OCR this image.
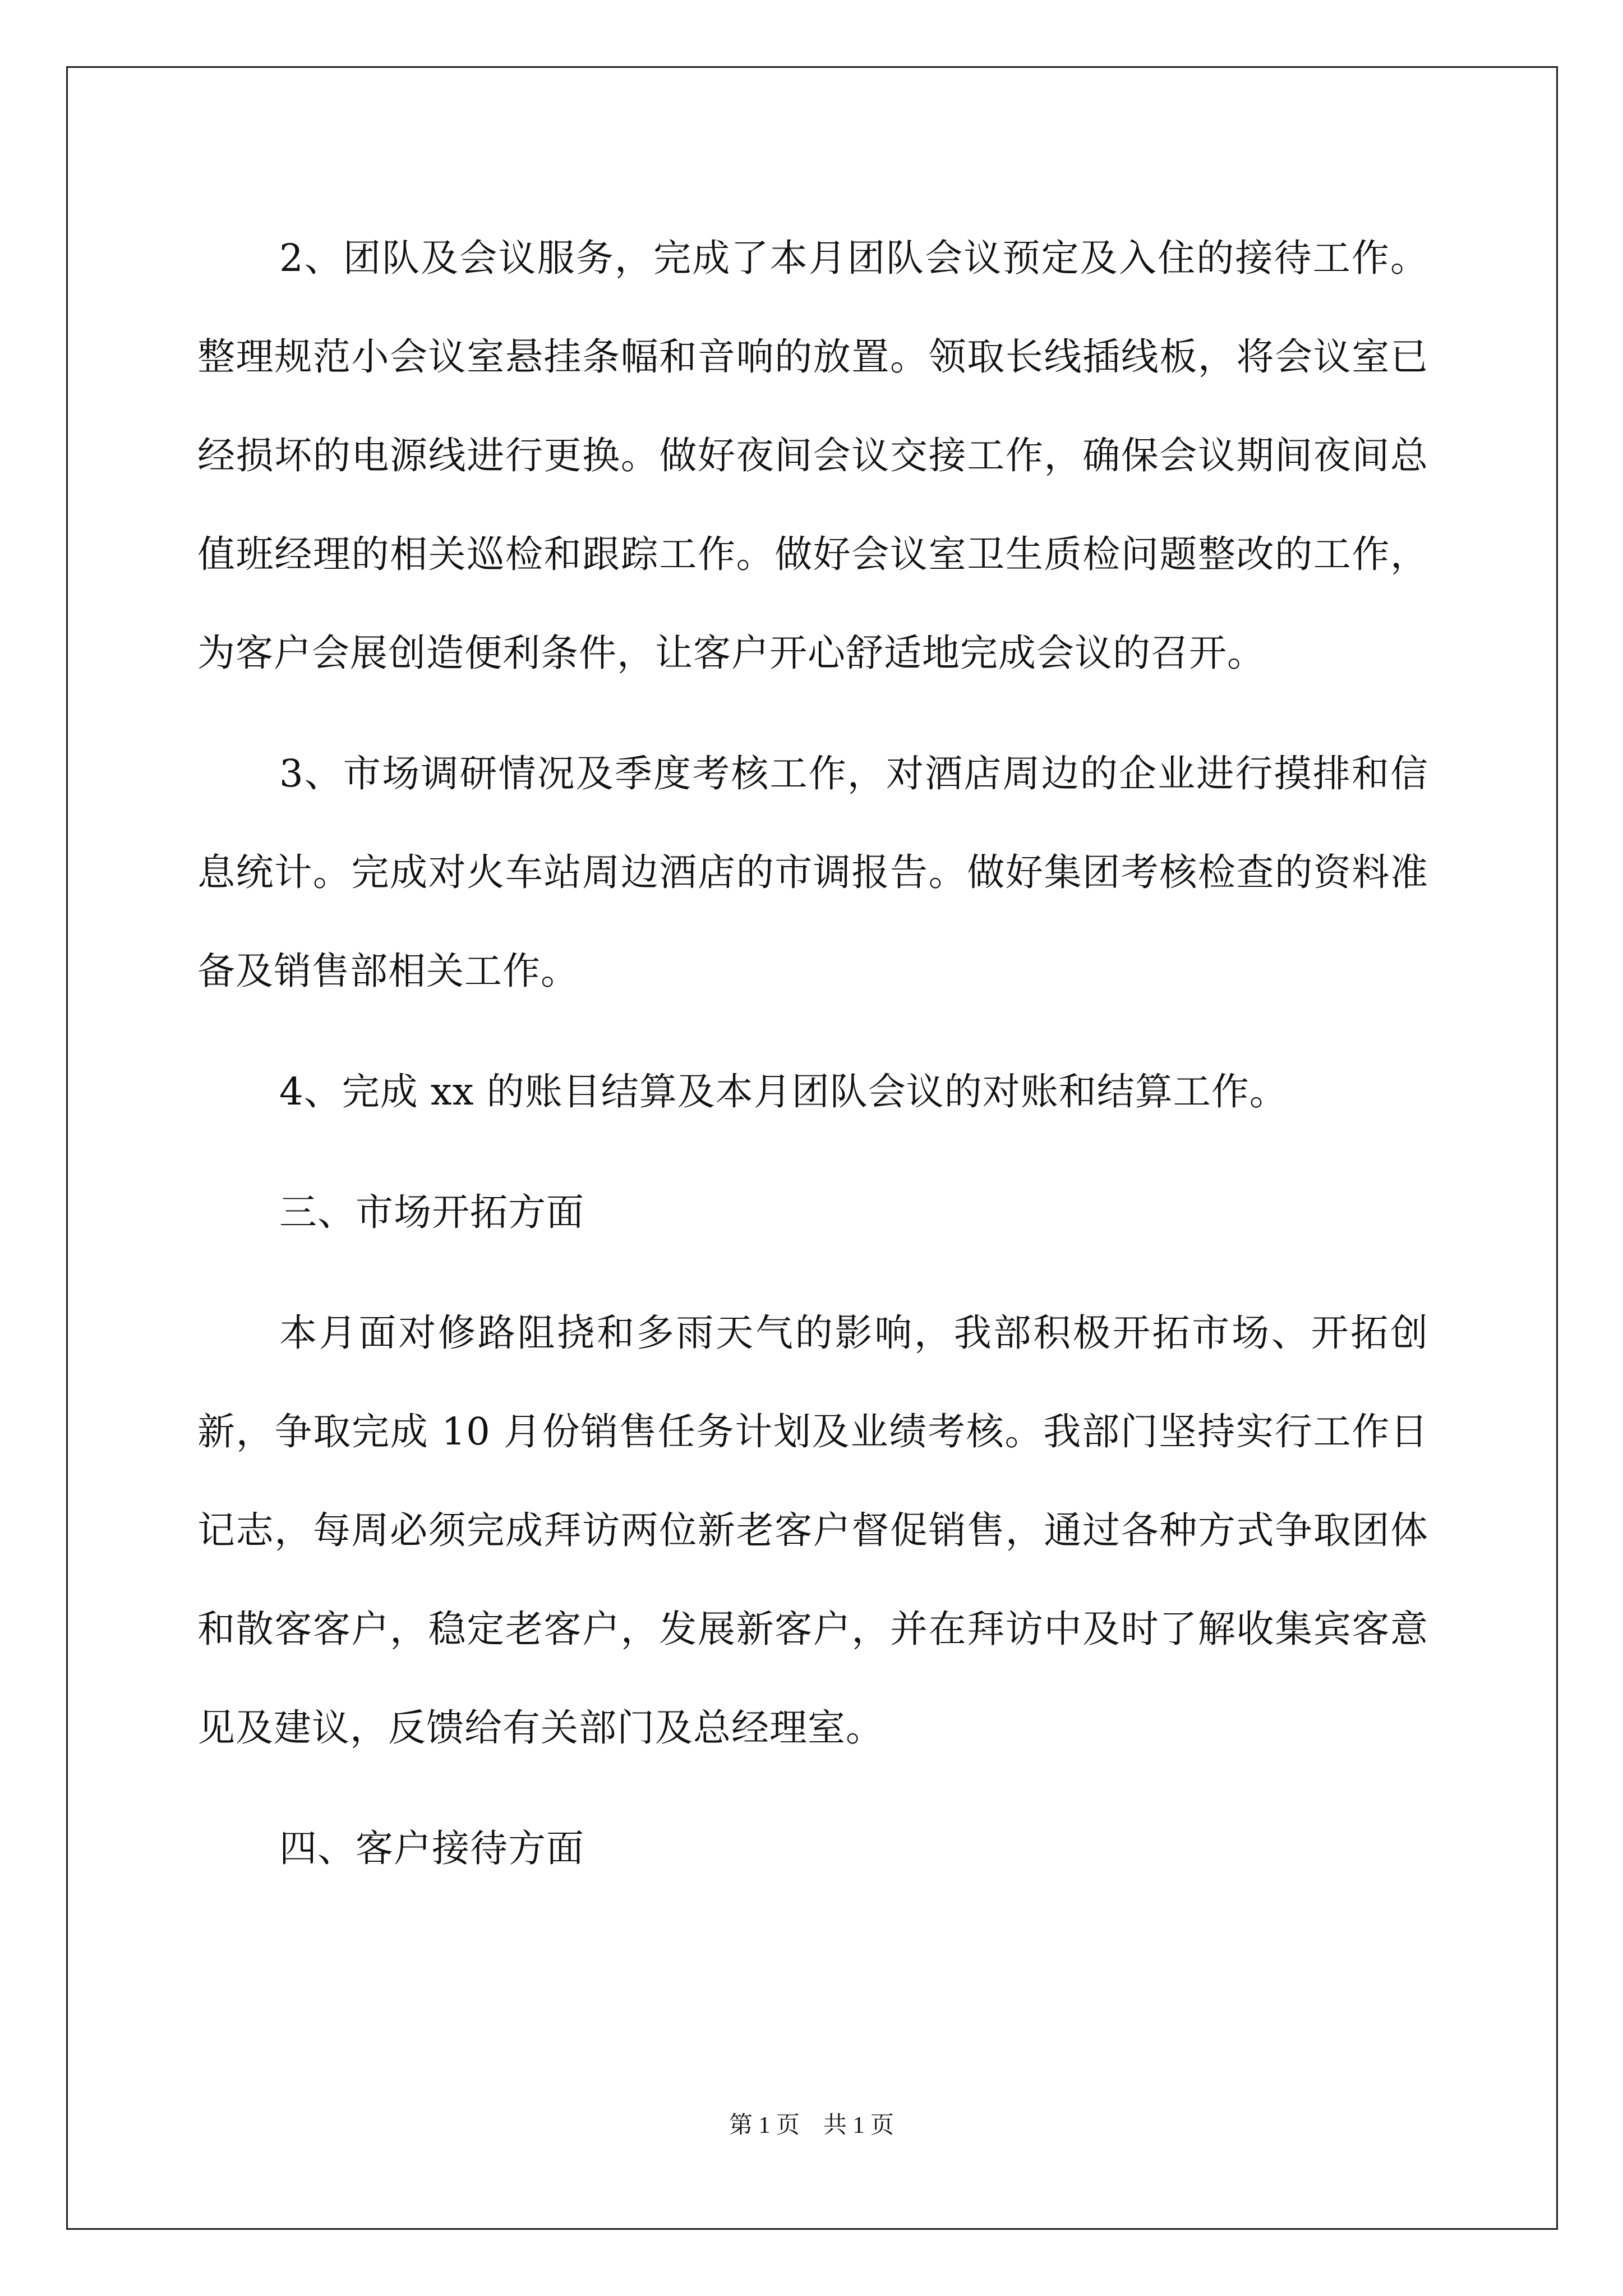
2、团队及会议服务，完成了本月团队会议预定及入住的接待工作。整理规范小会议室悬挂条幅和音响的放置。领取长线插线板，将会议室已经损坏的电源线进行更换。做好夜间会议交接工作，确保会议期间夜间总值班经理的相关巡检和跟踪工作。做好会议室卫生质检问题整改的工作，为客户会展创造便利条件，让客户开心舒适地完成会议的召开。

3、市场调研情况及季度考核工作，对酒店周边的企业进行摸排和信息统计。完成对火车站周边酒店的市调报告。做好集团考核检查的资料准备及销售部相关工作。

4、完成 xx 的账目结算及本月团队会议的对账和结算工作。

三、市场开拓方面

本月面对修路阻挠和多雨天气的影响，我部积极开拓市场、开拓创新，争取完成 10 月份销售任务计划及业绩考核。我部门坚持实行工作日记志，每周必须完成拜访两位新老客户督促销售，通过各种方式争取团体和散客客户，稳定老客户，发展新客户，并在拜访中及时了解收集宾客意见及建议，反馈给有关部门及总经理室。

四、客户接待方面

第 1 页　共 1 页
